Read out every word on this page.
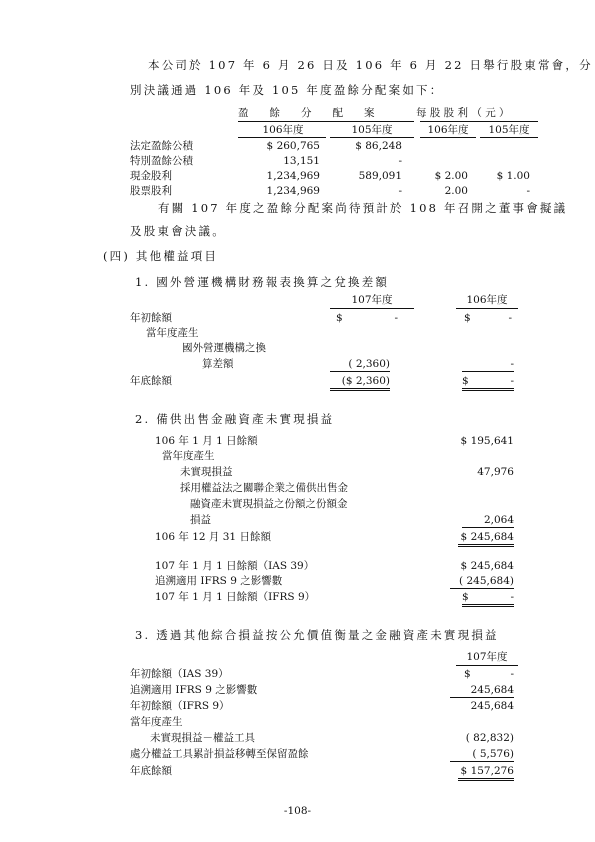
本公司於 107 年 6 月 26 日及 106 年 6 月 22 日舉行股東常會，分
別決議通過 106 年及 105 年度盈餘分配案如下：
盈　　餘　　分　　配　　案	每 股 股 利 （ 元 ）
106年度	105年度	106年度	105年度
法定盈餘公積	$ 260,765	$ 86,248
特別盈餘公積	13,151	-
現金股利	1,234,969	589,091	$ 2.00	$ 1.00
股票股利	1,234,969	-	2.00	-
有關 107 年度之盈餘分配案尚待預計於 108 年召開之董事會擬議
及股東會決議。
(四) 其他權益項目
1. 國外營運機構財務報表換算之兌換差額
107年度	106年度
年初餘額	$	-	$	-
當年度產生
國外營運機構之換
算差額	( 2,360)	-
年底餘額	($ 2,360)	$	-
2. 備供出售金融資產未實現損益
106 年 1 月 1 日餘額	$ 195,641
當年度產生
未實現損益	47,976
採用權益法之關聯企業之備供出售金
融資產未實現損益之份額之份額金
損益	2,064
106 年 12 月 31 日餘額	$ 245,684
107 年 1 月 1 日餘額（IAS 39）	$ 245,684
追溯適用 IFRS 9 之影響數	( 245,684)
107 年 1 月 1 日餘額（IFRS 9）	$	-
3. 透過其他綜合損益按公允價值衡量之金融資產未實現損益
107年度
年初餘額（IAS 39）	$	-
追溯適用 IFRS 9 之影響數	245,684
年初餘額（IFRS 9）	245,684
當年度產生
未實現損益－權益工具	( 82,832)
處分權益工具累計損益移轉至保留盈餘	( 5,576)
年底餘額	$ 157,276
-108-
